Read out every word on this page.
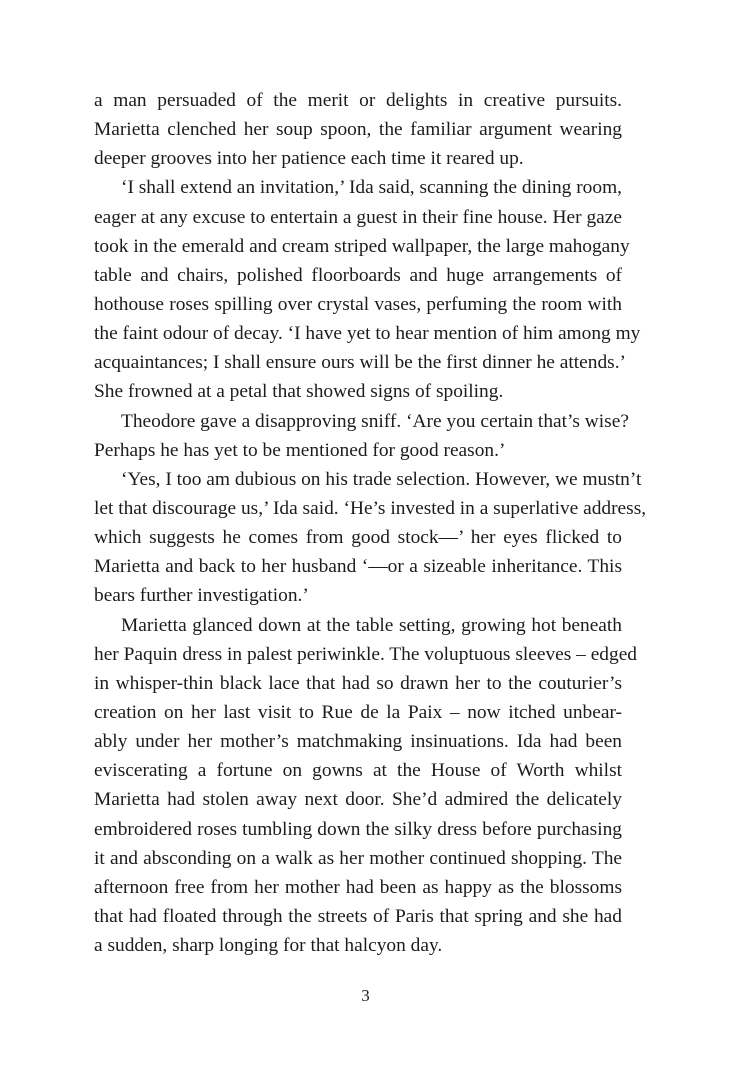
a man persuaded of the merit or delights in creative pursuits.
Marietta clenched her soup spoon, the familiar argument wearing
deeper grooves into her patience each time it reared up.
‘I shall extend an invitation,’ Ida said, scanning the dining room,
eager at any excuse to entertain a guest in their fine house. Her gaze
took in the emerald and cream striped wallpaper, the large mahogany
table and chairs, polished floorboards and huge arrangements of
hothouse roses spilling over crystal vases, perfuming the room with
the faint odour of decay. ‘I have yet to hear mention of him among my
acquaintances; I shall ensure ours will be the first dinner he attends.’
She frowned at a petal that showed signs of spoiling.
Theodore gave a disapproving sniff. ‘Are you certain that’s wise?
Perhaps he has yet to be mentioned for good reason.’
‘Yes, I too am dubious on his trade selection. However, we mustn’t
let that discourage us,’ Ida said. ‘He’s invested in a superlative address,
which suggests he comes from good stock—’ her eyes flicked to
Marietta and back to her husband ‘—or a sizeable inheritance. This
bears further investigation.’
Marietta glanced down at the table setting, growing hot beneath
her Paquin dress in palest periwinkle. The voluptuous sleeves – edged
in whisper-thin black lace that had so drawn her to the couturier’s
creation on her last visit to Rue de la Paix – now itched unbear-
ably under her mother’s matchmaking insinuations. Ida had been
eviscerating a fortune on gowns at the House of Worth whilst
Marietta had stolen away next door. She’d admired the delicately
embroidered roses tumbling down the silky dress before purchasing
it and absconding on a walk as her mother continued shopping. The
afternoon free from her mother had been as happy as the blossoms
that had floated through the streets of Paris that spring and she had
a sudden, sharp longing for that halcyon day.
3
